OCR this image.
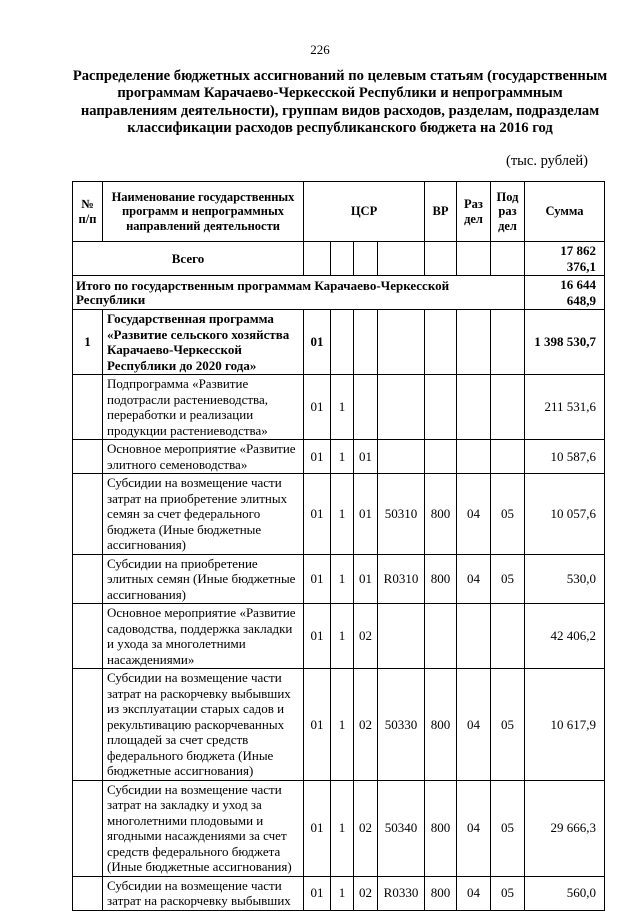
226
Распределение бюджетных ассигнований по целевым статьям (государственным программам Карачаево-Черкесской Республики и непрограммным направлениям деятельности), группам видов расходов, разделам, подразделам классификации расходов республиканского бюджета на 2016 год
(тыс. рублей)
№ п/п	Наименование государственных программ и непрограммных направлений деятельности	ЦСР				ВР	Раз дел	Под раз дел	Сумма
Всего									17 862 376,1
Итого по государственным программам Карачаево-Черкесской Республики									16 644 648,9
1	Государственная программа «Развитие сельского хозяйства Карачаево-Черкесской Республики до 2020 года»	01							1 398 530,7
	Подпрограмма «Развитие подотрасли растениеводства, переработки и реализации продукции растениеводства»	01	1						211 531,6
	Основное мероприятие «Развитие элитного семеноводства»	01	1	01					10 587,6
	Субсидии на возмещение части затрат на приобретение элитных семян за счет федерального бюджета (Иные бюджетные ассигнования)	01	1	01	50310	800	04	05	10 057,6
	Субсидии на приобретение элитных семян (Иные бюджетные ассигнования)	01	1	01	R0310	800	04	05	530,0
	Основное мероприятие «Развитие садоводства, поддержка закладки и ухода за многолетними насаждениями»	01	1	02					42 406,2
	Субсидии на возмещение части затрат на раскорчевку выбывших из эксплуатации старых садов и рекультивацию раскорчеванных площадей за счет средств федерального бюджета (Иные бюджетные ассигнования)	01	1	02	50330	800	04	05	10 617,9
	Субсидии на возмещение части затрат на закладку и уход за многолетними плодовыми и ягодными насаждениями за счет средств федерального бюджета (Иные бюджетные ассигнования)	01	1	02	50340	800	04	05	29 666,3
	Субсидии на возмещение части затрат на раскорчевку выбывших	01	1	02	R0330	800	04	05	560,0
